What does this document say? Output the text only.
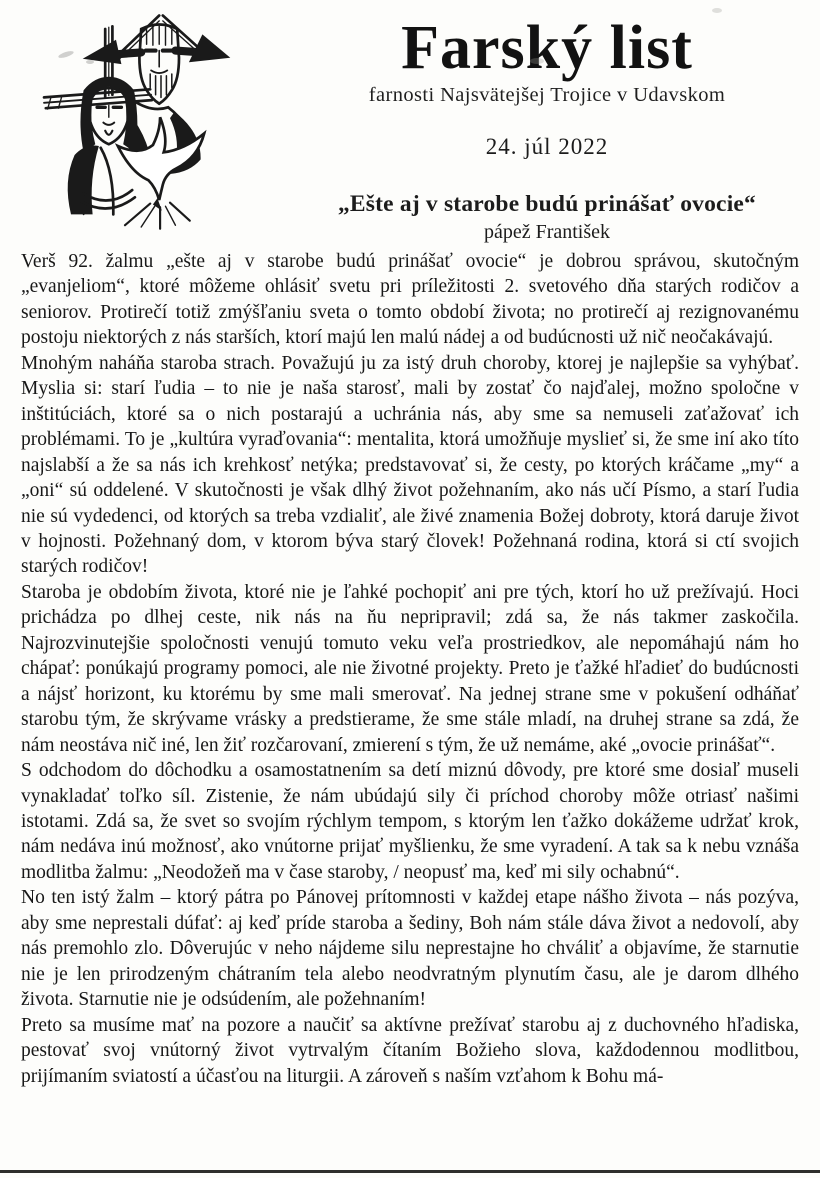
Farský list
farnosti Najsvätejšej Trojice v Udavskom
24. júl 2022
„Ešte aj v starobe budú prinášať ovocie“
pápež František

Verš 92. žalmu „ešte aj v starobe budú prinášať ovocie“ je dobrou správou, skutočným „evanjeliom“, ktoré môžeme ohlásiť svetu pri príležitosti 2. svetového dňa starých rodičov a seniorov. Protirečí totiž zmýšľaniu sveta o tomto období života; no protirečí aj rezignovanému postoju niektorých z nás starších, ktorí majú len malú nádej a od budúcnosti už nič neočakávajú.

Mnohým naháňa staroba strach. Považujú ju za istý druh choroby, ktorej je najlepšie sa vyhýbať. Myslia si: starí ľudia – to nie je naša starosť, mali by zostať čo najďalej, možno spoločne v inštitúciách, ktoré sa o nich postarajú a uchránia nás, aby sme sa nemuseli zaťažovať ich problémami. To je „kultúra vyraďovania“: mentalita, ktorá umožňuje myslieť si, že sme iní ako títo najslabší a že sa nás ich krehkosť netýka; predstavovať si, že cesty, po ktorých kráčame „my“ a „oni“ sú oddelené. V skutočnosti je však dlhý život požehnaním, ako nás učí Písmo, a starí ľudia nie sú vydedenci, od ktorých sa treba vzdialiť, ale živé znamenia Božej dobroty, ktorá daruje život v hojnosti. Požehnaný dom, v ktorom býva starý človek! Požehnaná rodina, ktorá si ctí svojich starých rodičov!

Staroba je obdobím života, ktoré nie je ľahké pochopiť ani pre tých, ktorí ho už prežívajú. Hoci prichádza po dlhej ceste, nik nás na ňu nepripravil; zdá sa, že nás takmer zaskočila. Najrozvinutejšie spoločnosti venujú tomuto veku veľa prostriedkov, ale nepomáhajú nám ho chápať: ponúkajú programy pomoci, ale nie životné projekty. Preto je ťažké hľadieť do budúcnosti a nájsť horizont, ku ktorému by sme mali smerovať. Na jednej strane sme v pokušení odháňať starobu tým, že skrývame vrásky a predstierame, že sme stále mladí, na druhej strane sa zdá, že nám neostáva nič iné, len žiť rozčarovaní, zmierení s tým, že už nemáme, aké „ovocie prinášať“.

S odchodom do dôchodku a osamostatnením sa detí miznú dôvody, pre ktoré sme dosiaľ museli vynakladať toľko síl. Zistenie, že nám ubúdajú sily či príchod choroby môže otriasť našimi istotami. Zdá sa, že svet so svojím rýchlym tempom, s ktorým len ťažko dokážeme udržať krok, nám nedáva inú možnosť, ako vnútorne prijať myšlienku, že sme vyradení. A tak sa k nebu vznáša modlitba žalmu: „Neodožeň ma v čase staroby, / neopusť ma, keď mi sily ochabnú“.

No ten istý žalm – ktorý pátra po Pánovej prítomnosti v každej etape nášho života – nás pozýva, aby sme neprestali dúfať: aj keď príde staroba a šediny, Boh nám stále dáva život a nedovolí, aby nás premohlo zlo. Dôverujúc v neho nájdeme silu neprestajne ho chváliť a objavíme, že starnutie nie je len prirodzeným chátraním tela alebo neodvratným plynutím času, ale je darom dlhého života. Starnutie nie je odsúdením, ale požehnaním!

Preto sa musíme mať na pozore a naučiť sa aktívne prežívať starobu aj z duchovného hľadiska, pestovať svoj vnútorný život vytrvalým čítaním Božieho slova, každodennou modlitbou, prijímaním sviatostí a účasťou na liturgii. A zároveň s naším vzťahom k Bohu má-
